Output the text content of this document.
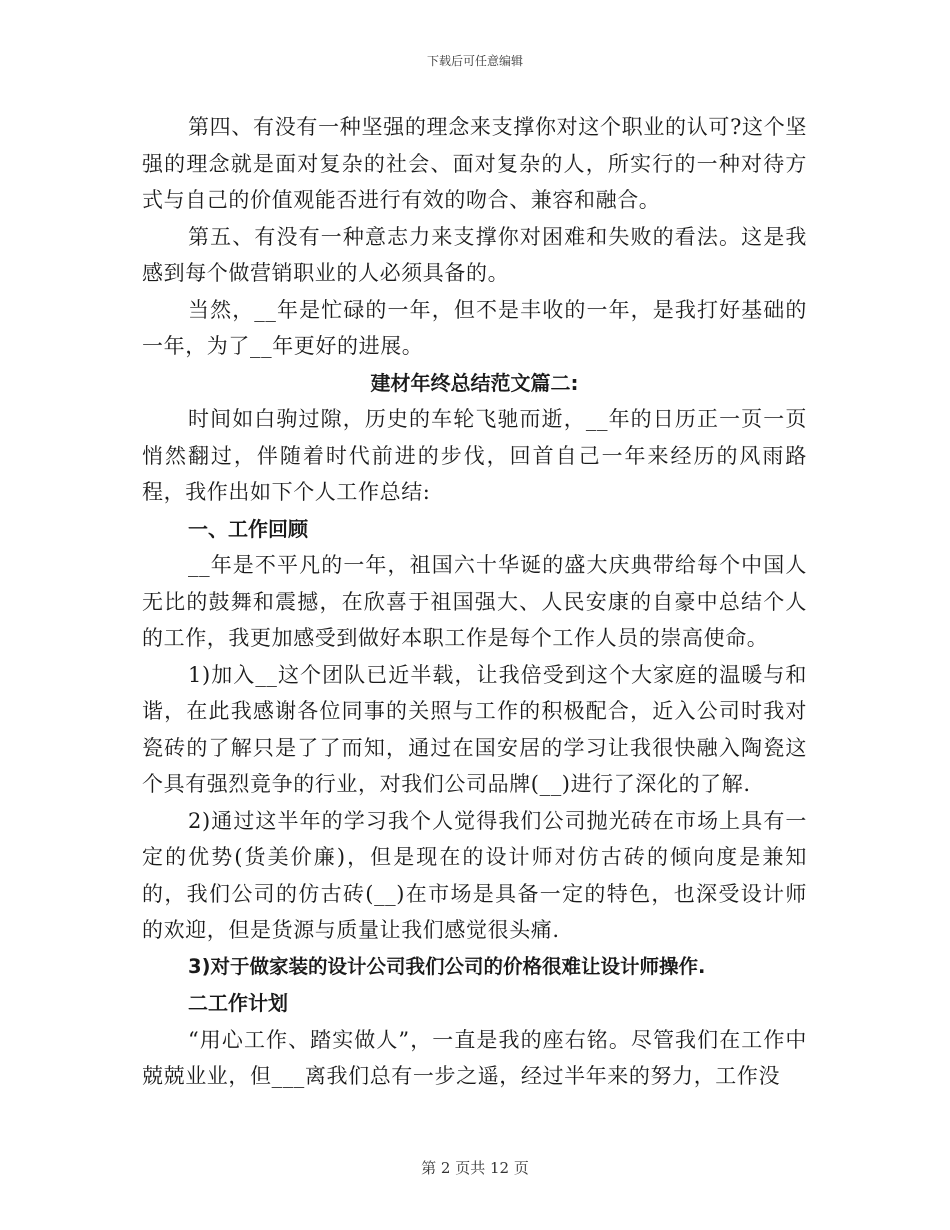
下载后可任意编辑

第四、有没有一种坚强的理念来支撑你对这个职业的认可?这个坚强的理念就是面对复杂的社会、面对复杂的人，所实行的一种对待方式与自己的价值观能否进行有效的吻合、兼容和融合。

第五、有没有一种意志力来支撑你对困难和失败的看法。这是我感到每个做营销职业的人必须具备的。

当然，__年是忙碌的一年，但不是丰收的一年，是我打好基础的一年，为了__年更好的进展。

建材年终总结范文篇二:

时间如白驹过隙，历史的车轮飞驰而逝，__年的日历正一页一页悄然翻过，伴随着时代前进的步伐，回首自己一年来经历的风雨路程，我作出如下个人工作总结:

一、工作回顾

__年是不平凡的一年，祖国六十华诞的盛大庆典带给每个中国人无比的鼓舞和震撼，在欣喜于祖国强大、人民安康的自豪中总结个人的工作，我更加感受到做好本职工作是每个工作人员的崇高使命。

1)加入__这个团队已近半载，让我倍受到这个大家庭的温暖与和谐，在此我感谢各位同事的关照与工作的积极配合，近入公司时我对瓷砖的了解只是了了而知，通过在国安居的学习让我很快融入陶瓷这个具有强烈竟争的行业，对我们公司品牌(__)进行了深化的了解.

2)通过这半年的学习我个人觉得我们公司抛光砖在市场上具有一定的优势(货美价廉)，但是现在的设计师对仿古砖的倾向度是兼知的，我们公司的仿古砖(__)在市场是具备一定的特色，也深受设计师的欢迎，但是货源与质量让我们感觉很头痛.

3)对于做家装的设计公司我们公司的价格很难让设计师操作.

二工作计划

“用心工作、踏实做人”，一直是我的座右铭。尽管我们在工作中兢兢业业，但___离我们总有一步之遥，经过半年来的努力，工作没

第 2 页共 12 页
